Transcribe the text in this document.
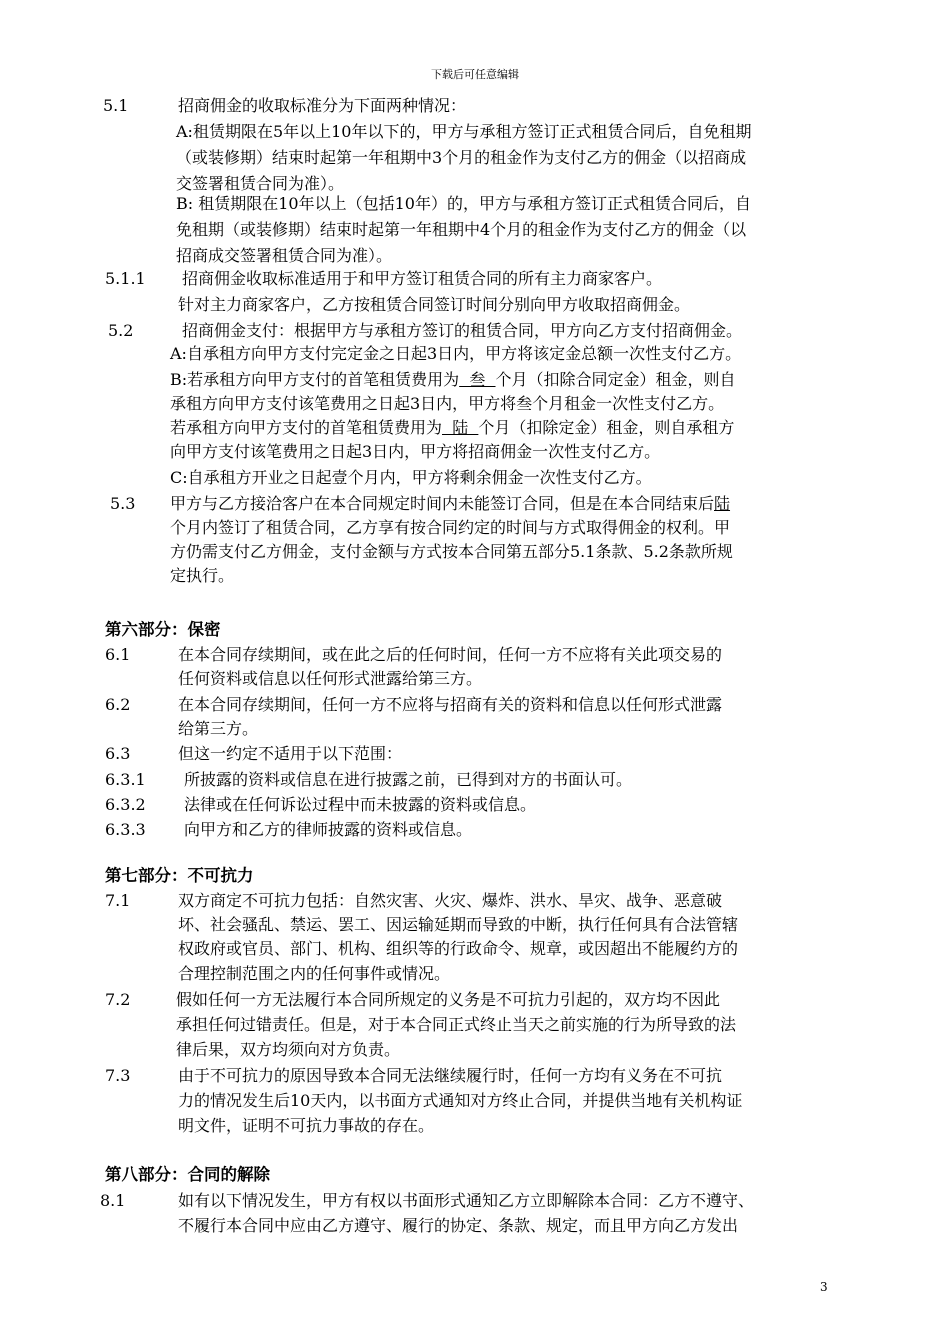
下载后可任意编辑
5.1	招商佣金的收取标准分为下面两种情况：
A:租赁期限在5年以上10年以下的，甲方与承租方签订正式租赁合同后，自免租期
（或装修期）结束时起第一年租期中3个月的租金作为支付乙方的佣金（以招商成
交签署租赁合同为准）。
B: 租赁期限在10年以上（包括10年）的，甲方与承租方签订正式租赁合同后，自
免租期（或装修期）结束时起第一年租期中4个月的租金作为支付乙方的佣金（以
招商成交签署租赁合同为准）。
5.1.1 招商佣金收取标准适用于和甲方签订租赁合同的所有主力商家客户。
针对主力商家客户，乙方按租赁合同签订时间分别向甲方收取招商佣金。
5.2	招商佣金支付：根据甲方与承租方签订的租赁合同，甲方向乙方支付招商佣金。
A:自承租方向甲方支付完定金之日起3日内，甲方将该定金总额一次性支付乙方。
B:若承租方向甲方支付的首笔租赁费用为  叁  个月（扣除合同定金）租金，则自
承租方向甲方支付该笔费用之日起3日内，甲方将叁个月租金一次性支付乙方。
若承租方向甲方支付的首笔租赁费用为  陆  个月（扣除定金）租金，则自承租方
向甲方支付该笔费用之日起3日内，甲方将招商佣金一次性支付乙方。
C:自承租方开业之日起壹个月内，甲方将剩余佣金一次性支付乙方。
5.3 甲方与乙方接洽客户在本合同规定时间内未能签订合同，但是在本合同结束后陆
个月内签订了租赁合同，乙方享有按合同约定的时间与方式取得佣金的权利。甲
方仍需支付乙方佣金，支付金额与方式按本合同第五部分5.1条款、5.2条款所规
定执行。
第六部分：保密
6.1	在本合同存续期间，或在此之后的任何时间，任何一方不应将有关此项交易的
任何资料或信息以任何形式泄露给第三方。
6.2	在本合同存续期间，任何一方不应将与招商有关的资料和信息以任何形式泄露
给第三方。
6.3	但这一约定不适用于以下范围：
6.3.1 所披露的资料或信息在进行披露之前，已得到对方的书面认可。
6.3.2 法律或在任何诉讼过程中而未披露的资料或信息。
6.3.3 向甲方和乙方的律师披露的资料或信息。
第七部分：不可抗力
7.1	双方商定不可抗力包括：自然灾害、火灾、爆炸、洪水、旱灾、战争、恶意破
坏、社会骚乱、禁运、罢工、因运输延期而导致的中断，执行任何具有合法管辖
权政府或官员、部门、机构、组织等的行政命令、规章，或因超出不能履约方的
合理控制范围之内的任何事件或情况。
7.2	假如任何一方无法履行本合同所规定的义务是不可抗力引起的，双方均不因此
承担任何过错责任。但是，对于本合同正式终止当天之前实施的行为所导致的法
律后果，双方均须向对方负责。
7.3	由于不可抗力的原因导致本合同无法继续履行时，任何一方均有义务在不可抗
力的情况发生后10天内，以书面方式通知对方终止合同，并提供当地有关机构证
明文件，证明不可抗力事故的存在。
第八部分：合同的解除
8.1	如有以下情况发生，甲方有权以书面形式通知乙方立即解除本合同：乙方不遵守、
不履行本合同中应由乙方遵守、履行的协定、条款、规定，而且甲方向乙方发出
3
